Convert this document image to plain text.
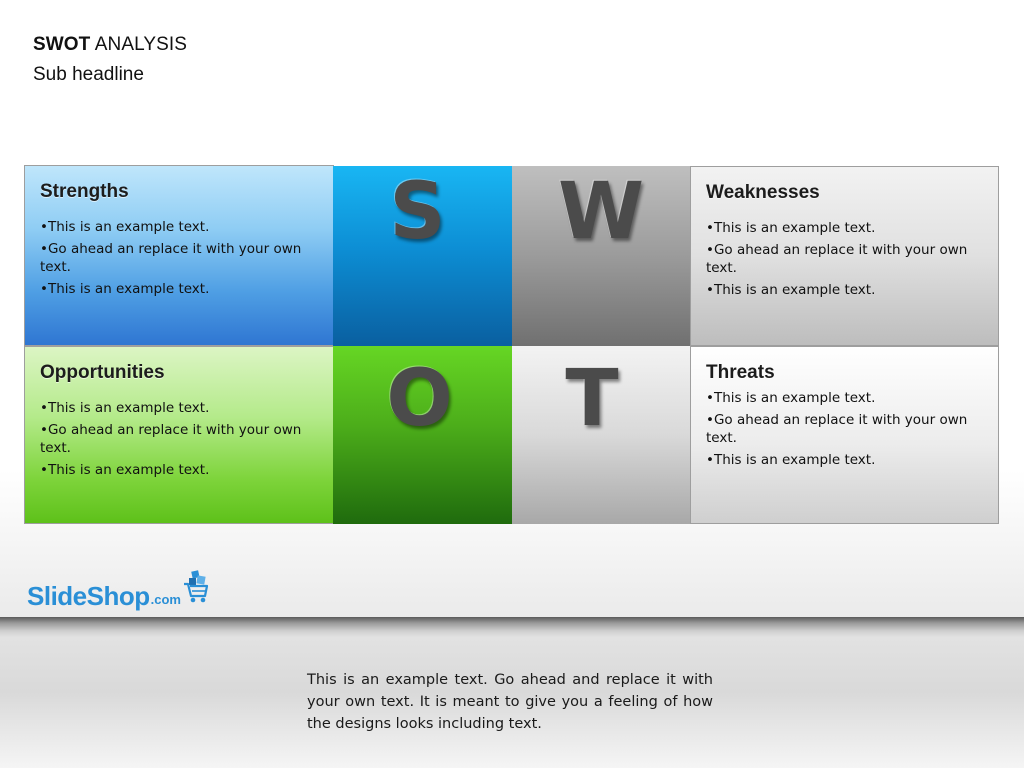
SWOT ANALYSIS
Sub headline
Strengths
• This is an example text.
• Go ahead an replace it with your own text.
• This is an example text.
S W	Weaknesses
• This is an example text.
• Go ahead an replace it with your own text.
• This is an example text.
Opportunities
• This is an example text.
• Go ahead an replace it with your own text.
• This is an example text.
O T	Threats
• This is an example text.
• Go ahead an replace it with your own text.
• This is an example text.
SlideShop .com
This is an example text. Go ahead and replace it with your own text. It is meant to give you a feeling of how the designs looks including text.
